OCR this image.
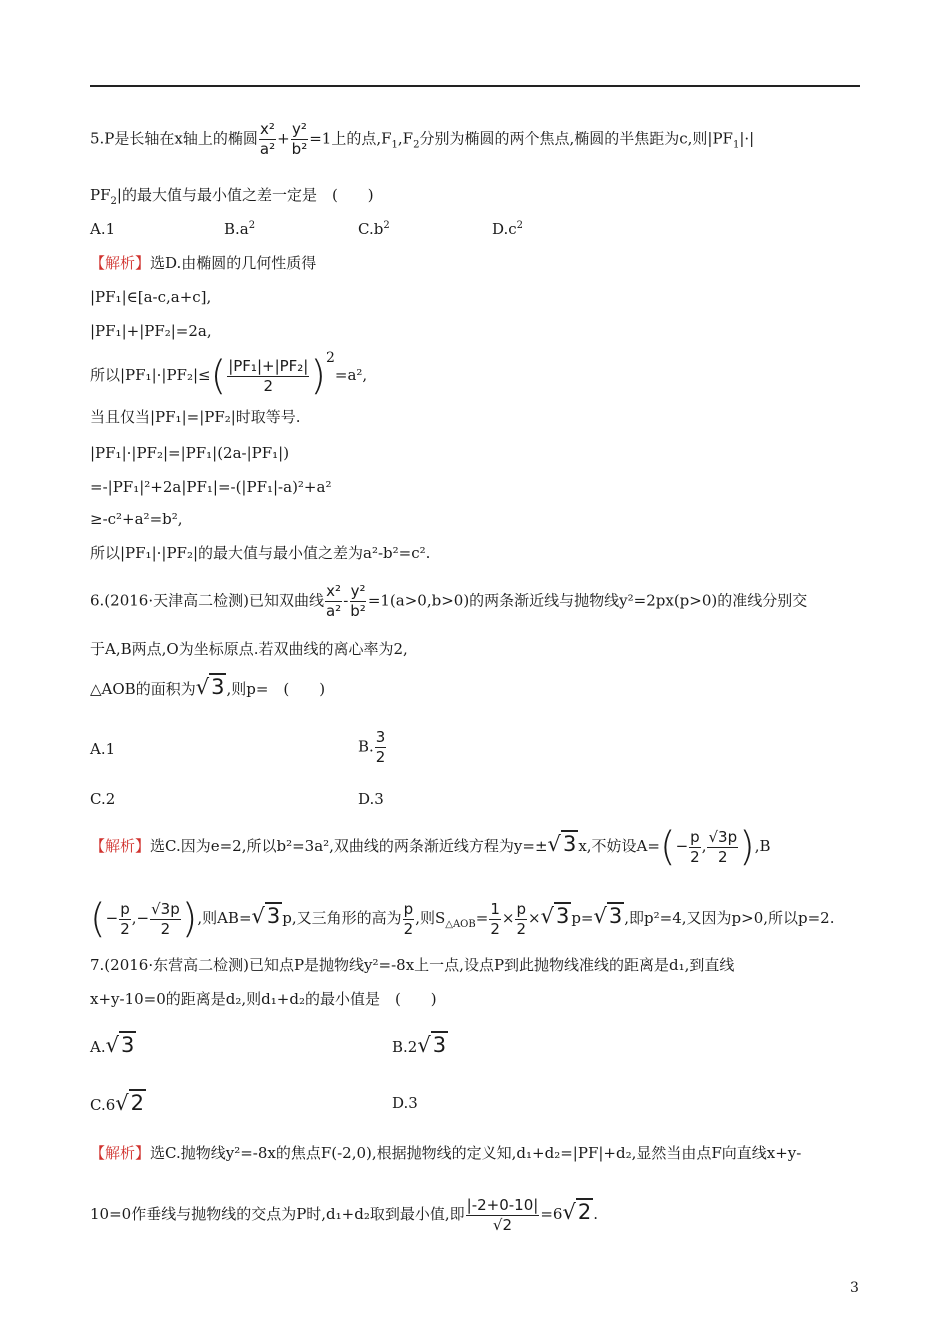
5.P是长轴在x轴上的椭圆 $\frac{\text{x²}}{\text{a²}} + \frac{\text{y²}}{\text{b²}} =1$上的点$,F_1,F_2$分别为椭圆的两个焦点,椭圆的半焦距为c,则$|PF_1|\cdot|$
$PF_2|$的最大值与最小值之差一定是　(　　)
A.1	$B.a^2$	$C.b^2$	$D.c^2$
【解析】选D.由椭圆的几何性质得
|PF₁|∈[a-c,a+c],
|PF₁|+|PF₂|=2a,
所以$|PF_1|\cdot|PF_2|\le( \frac{\text{|PF₁|+|PF₂|}}{2} )^2=a^2$,
当且仅当|PF₁|=|PF₂|时取等号.
|PF₁|·|PF₂|=|PF₁|(2a-|PF₁|)
=-|PF₁|²+2a|PF₁|=-(|PF₁|-a)²+a²
≥-c²+a²=b²,
所以|PF₁|·|PF₂|的最大值与最小值之差为a²-b²=c².
6.(2016·天津高二检测)已知双曲线 $\frac{\text{x²}}{\text{a²}} - \frac{\text{y²}}{\text{b²}} =1(a>0,b>0)$的两条渐近线与抛物线y²=2px(p>0)的准线分别交
于A,B两点,O为坐标原点.若双曲线的离心率为2,
△AOB的面积为√3 ,则p=　(　　)
A.1	B. $\frac{3}{2}$
C.2	D.3
【解析】选C.因为e=2,所以b²=3a²,双曲线的两条渐近线方程为y=±√3 x,不妨设$A=(- \frac{p}{2}$ , $\frac{√3p}{2} ),B$
(− $\frac{p}{2}$ ,− $\frac{√3p}{2}$ ),则AB=√3 p,又三角形的高为 $\frac{p}{2}$ ,则$S_{\triangle AOB}= \frac{1}{2} \times \frac{p}{2} \times√3$ p=√3 ,即p²=4,又因为p>0,所以p=2.
7.(2016·东营高二检测)已知点P是抛物线y²=-8x上一点,设点P到此抛物线准线的距离是d₁,到直线
x+y-10=0的距离是d₂,则d₁+d₂的最小值是　(　　)
A.√3	B.2√3
C.6√2	D.3
【解析】选C.抛物线y²=-8x的焦点F(-2,0),根据抛物线的定义知,d₁+d₂=|PF|+d₂,显然当由点F向直线x+y-
10=0作垂线与抛物线的交点为P时,d₁+d₂取到最小值,即 $\frac{|-2+0-10|}{√2} =6√2$ .
3
